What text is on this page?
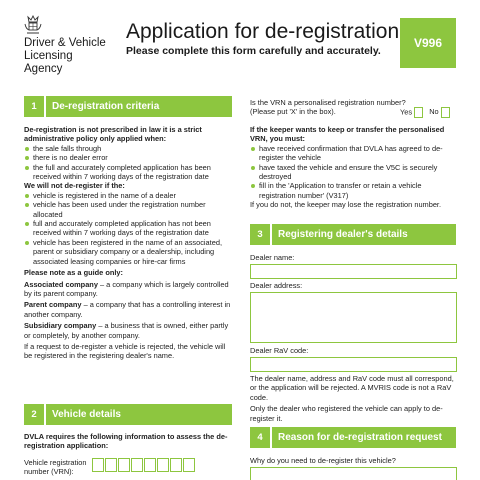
Driver & Vehicle
Licensing
Agency
Application for de-registration
Please complete this form carefully and accurately.
V996
1	De-registration criteria

De-registration is not prescribed in law it is a strict administrative policy only applied when:

the sale falls through

there is no dealer error

the full and accurately completed application has been received within 7 working days of the registration date

We will not de-register if the:

vehicle is registered in the name of a dealer

vehicle has been used under the registration number allocated

full and accurately completed application has not been received within 7 working days of the registration date

vehicle has been registered in the name of an associated, parent or subsidiary company or a dealership, including associated leasing companies or hire-car firms

Please note as a guide only:

Associated company – a company which is largely controlled by its parent company.

Parent company – a company that has a controlling interest in another company.

Subsidiary company – a business that is owned, either partly or completely, by another company.

If a request to de-register a vehicle is rejected, the vehicle will be registered in the registering dealer's name.

2	Vehicle details

DVLA requires the following information to assess the de-registration application:

Vehicle registration

number (VRN):

Is the VRN a personalised registration number?

(Please put 'X' in the box).	Yes No

If the keeper wants to keep or transfer the personalised VRN, you must:

have received confirmation that DVLA has agreed to de-register the vehicle

have taxed the vehicle and ensure the V5C is securely destroyed

fill in the 'Application to transfer or retain a vehicle registration number' (V317)

If you do not, the keeper may lose the registration number.

3	Registering dealer's details
Dealer name:
Dealer address:
Dealer RaV code:

The dealer name, address and RaV code must all correspond, or the application will be rejected. A MVRIS code is not a RaV code.

Only the dealer who registered the vehicle can apply to de-register it.

4	Reason for de-registration request
Why do you need to de-register this vehicle?
